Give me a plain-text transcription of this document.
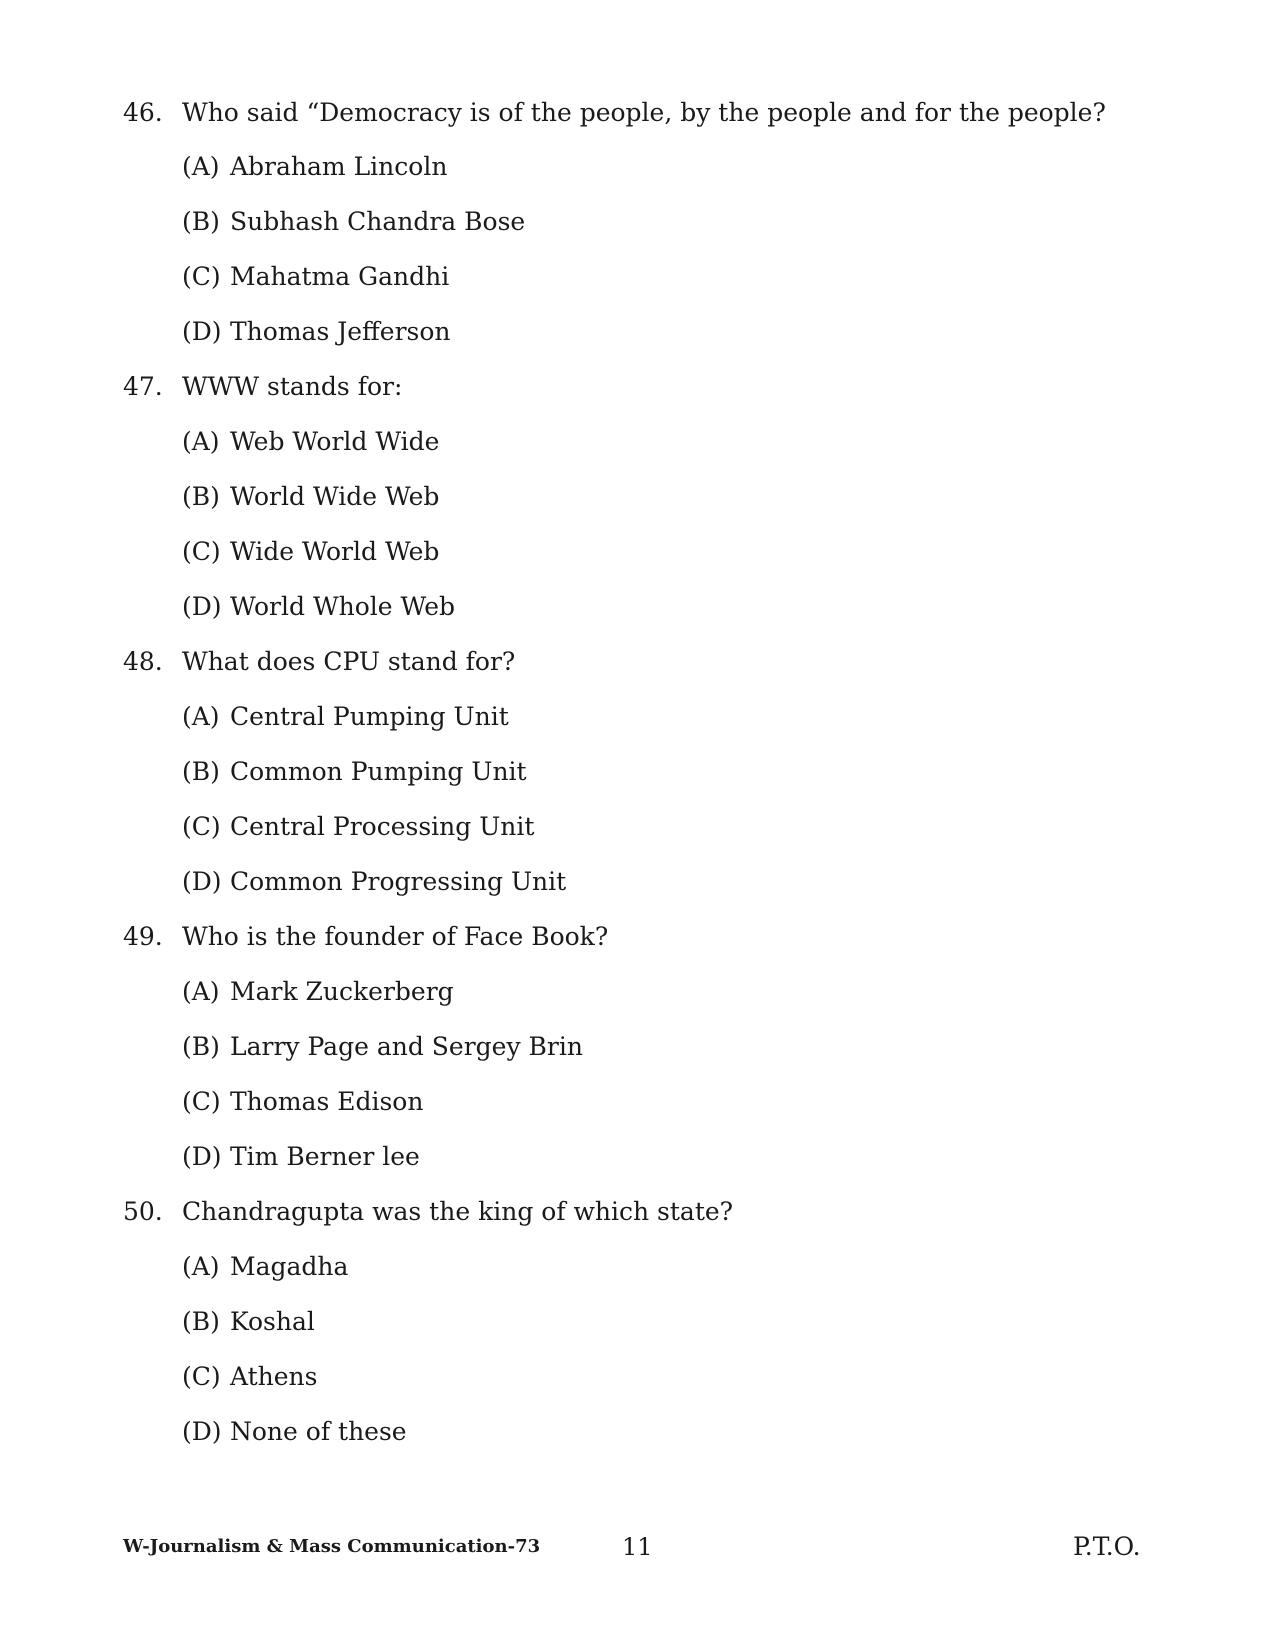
46. Who said “Democracy is of the people, by the people and for the people?
(A) Abraham Lincoln
(B) Subhash Chandra Bose
(C) Mahatma Gandhi
(D) Thomas Jefferson
47. WWW stands for:
(A) Web World Wide
(B) World Wide Web
(C) Wide World Web
(D) World Whole Web
48. What does CPU stand for?
(A) Central Pumping Unit
(B) Common Pumping Unit
(C) Central Processing Unit
(D) Common Progressing Unit
49. Who is the founder of Face Book?
(A) Mark Zuckerberg
(B) Larry Page and Sergey Brin
(C) Thomas Edison
(D) Tim Berner lee
50. Chandragupta was the king of which state?
(A) Magadha
(B) Koshal
(C) Athens
(D) None of these
W-Journalism & Mass Communication-73	11	P.T.O.
